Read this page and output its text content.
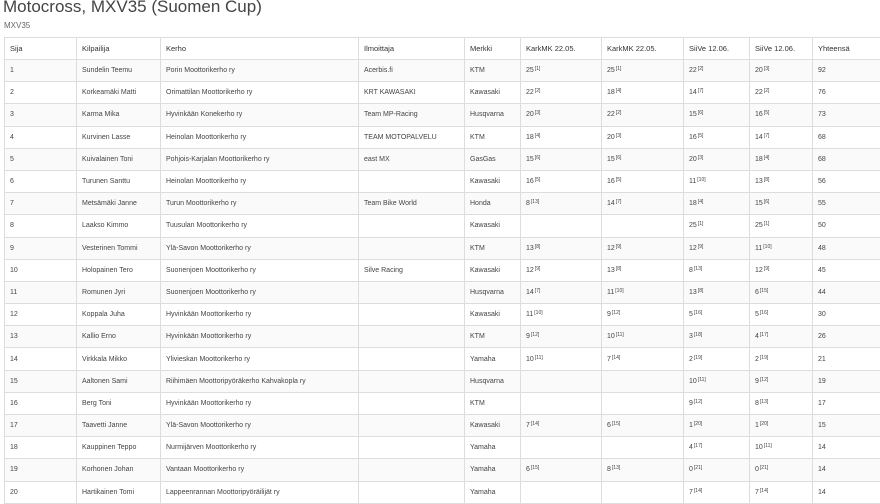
Motocross, MXV35 (Suomen Cup)
MXV35
Sija	Kilpailija	Kerho	Ilmoittaja	Merkki	KarkMK 22.05.	KarkMK 22.05.	SiiVe 12.06.	SiiVe 12.06.	Yhteensä
1	Sundelin Teemu	Porin Moottorikerho ry	Acerbis.fi	KTM	25[1]	25[1]	22[2]	20[3]	92
2	Korkeamäki Matti	Orimattilan Moottorikerho ry	KRT KAWASAKI	Kawasaki	22[2]	18[4]	14[7]	22[2]	76
3	Karma Mika	Hyvinkään Konekerho ry	Team MP-Racing	Husqvarna	20[3]	22[2]	15[6]	16[5]	73
4	Kurvinen Lasse	Heinolan Moottorikerho ry	TEAM MOTOPALVELU	KTM	18[4]	20[3]	16[5]	14[7]	68
5	Kuivalainen Toni	Pohjois-Karjalan Moottorikerho ry	east MX	GasGas	15[6]	15[6]	20[3]	18[4]	68
6	Turunen Santtu	Heinolan Moottorikerho ry		Kawasaki	16[5]	16[5]	11[10]	13[8]	56
7	Metsämäki Janne	Turun Moottorikerho ry	Team Bike World	Honda	8[13]	14[7]	18[4]	15[6]	55
8	Laakso Kimmo	Tuusulan Moottorikerho ry		Kawasaki			25[1]	25[1]	50
9	Vesterinen Tommi	Ylä-Savon Moottorikerho ry		KTM	13[8]	12[9]	12[9]	11[10]	48
10	Holopainen Tero	Suonenjoen Moottorikerho ry	Silve Racing	Kawasaki	12[9]	13[8]	8[13]	12[9]	45
11	Romunen Jyri	Suonenjoen Moottorikerho ry		Husqvarna	14[7]	11[10]	13[8]	6[15]	44
12	Koppala Juha	Hyvinkään Moottorikerho ry		Kawasaki	11[10]	9[12]	5[16]	5[16]	30
13	Kallio Erno	Hyvinkään Moottorikerho ry		KTM	9[12]	10[11]	3[18]	4[17]	26
14	Virkkala Mikko	Ylivieskan Moottorikerho ry		Yamaha	10[11]	7[14]	2[19]	2[19]	21
15	Aaltonen Sami	Riihimäen Moottoripyöräkerho Kahvakopla ry		Husqvarna			10[11]	9[12]	19
16	Berg Toni	Hyvinkään Moottorikerho ry		KTM			9[12]	8[13]	17
17	Taavetti Janne	Ylä-Savon Moottorikerho ry		Kawasaki	7[14]	6[15]	1[20]	1[20]	15
18	Kauppinen Teppo	Nurmijärven Moottorikerho ry		Yamaha			4[17]	10[11]	14
19	Korhonen Johan	Vantaan Moottorikerho ry		Yamaha	6[15]	8[13]	0[21]	0[21]	14
20	Hartikainen Tomi	Lappeenrannan Moottoripyöräilijät ry		Yamaha			7[14]	7[14]	14
